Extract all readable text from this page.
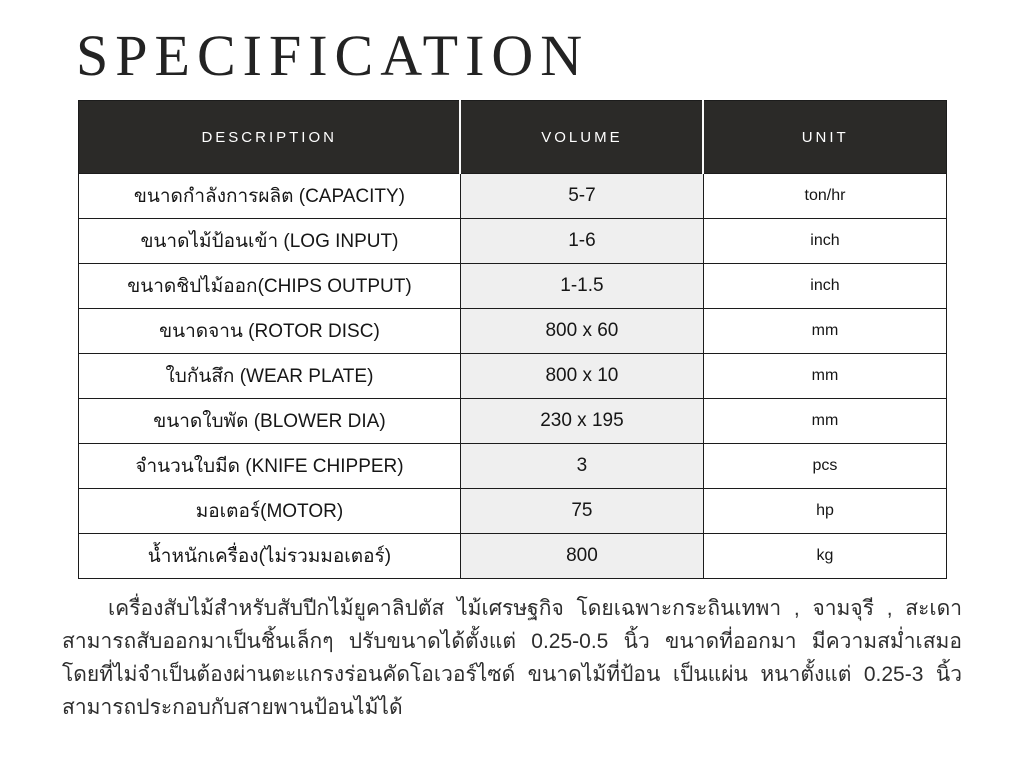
SPECIFICATION
DESCRIPTION	VOLUME	UNIT
ขนาดกำลังการผลิต (CAPACITY)	5-7	ton/hr
ขนาดไม้ป้อนเข้า (LOG INPUT)	1-6	inch
ขนาดชิปไม้ออก(CHIPS OUTPUT)	1-1.5	inch
ขนาดจาน (ROTOR DISC)	800 x 60	mm
ใบกันสึก (WEAR PLATE)	800 x 10	mm
ขนาดใบพัด (BLOWER DIA)	230 x 195	mm
จำนวนใบมีด (KNIFE CHIPPER)	3	pcs
มอเตอร์(MOTOR)	75	hp
น้ำหนักเครื่อง(ไม่รวมมอเตอร์)	800	kg

เครื่องสับไม้สำหรับสับปีกไม้ยูคาลิปตัส ไม้เศรษฐกิจ โดยเฉพาะกระถินเทพา , จามจุรี , สะเดา สามารถสับออกมาเป็นชิ้นเล็กๆ ปรับขนาดได้ตั้งแต่ 0.25-0.5 นิ้ว ขนาดที่ออกมา มีความสม่ำเสมอ โดยที่ไม่จำเป็นต้องผ่านตะแกรงร่อนคัดโอเวอร์ไซด์ ขนาดไม้ที่ป้อน เป็นแผ่น หนาตั้งแต่ 0.25-3 นิ้ว สามารถประกอบกับสายพานป้อนไม้ได้
